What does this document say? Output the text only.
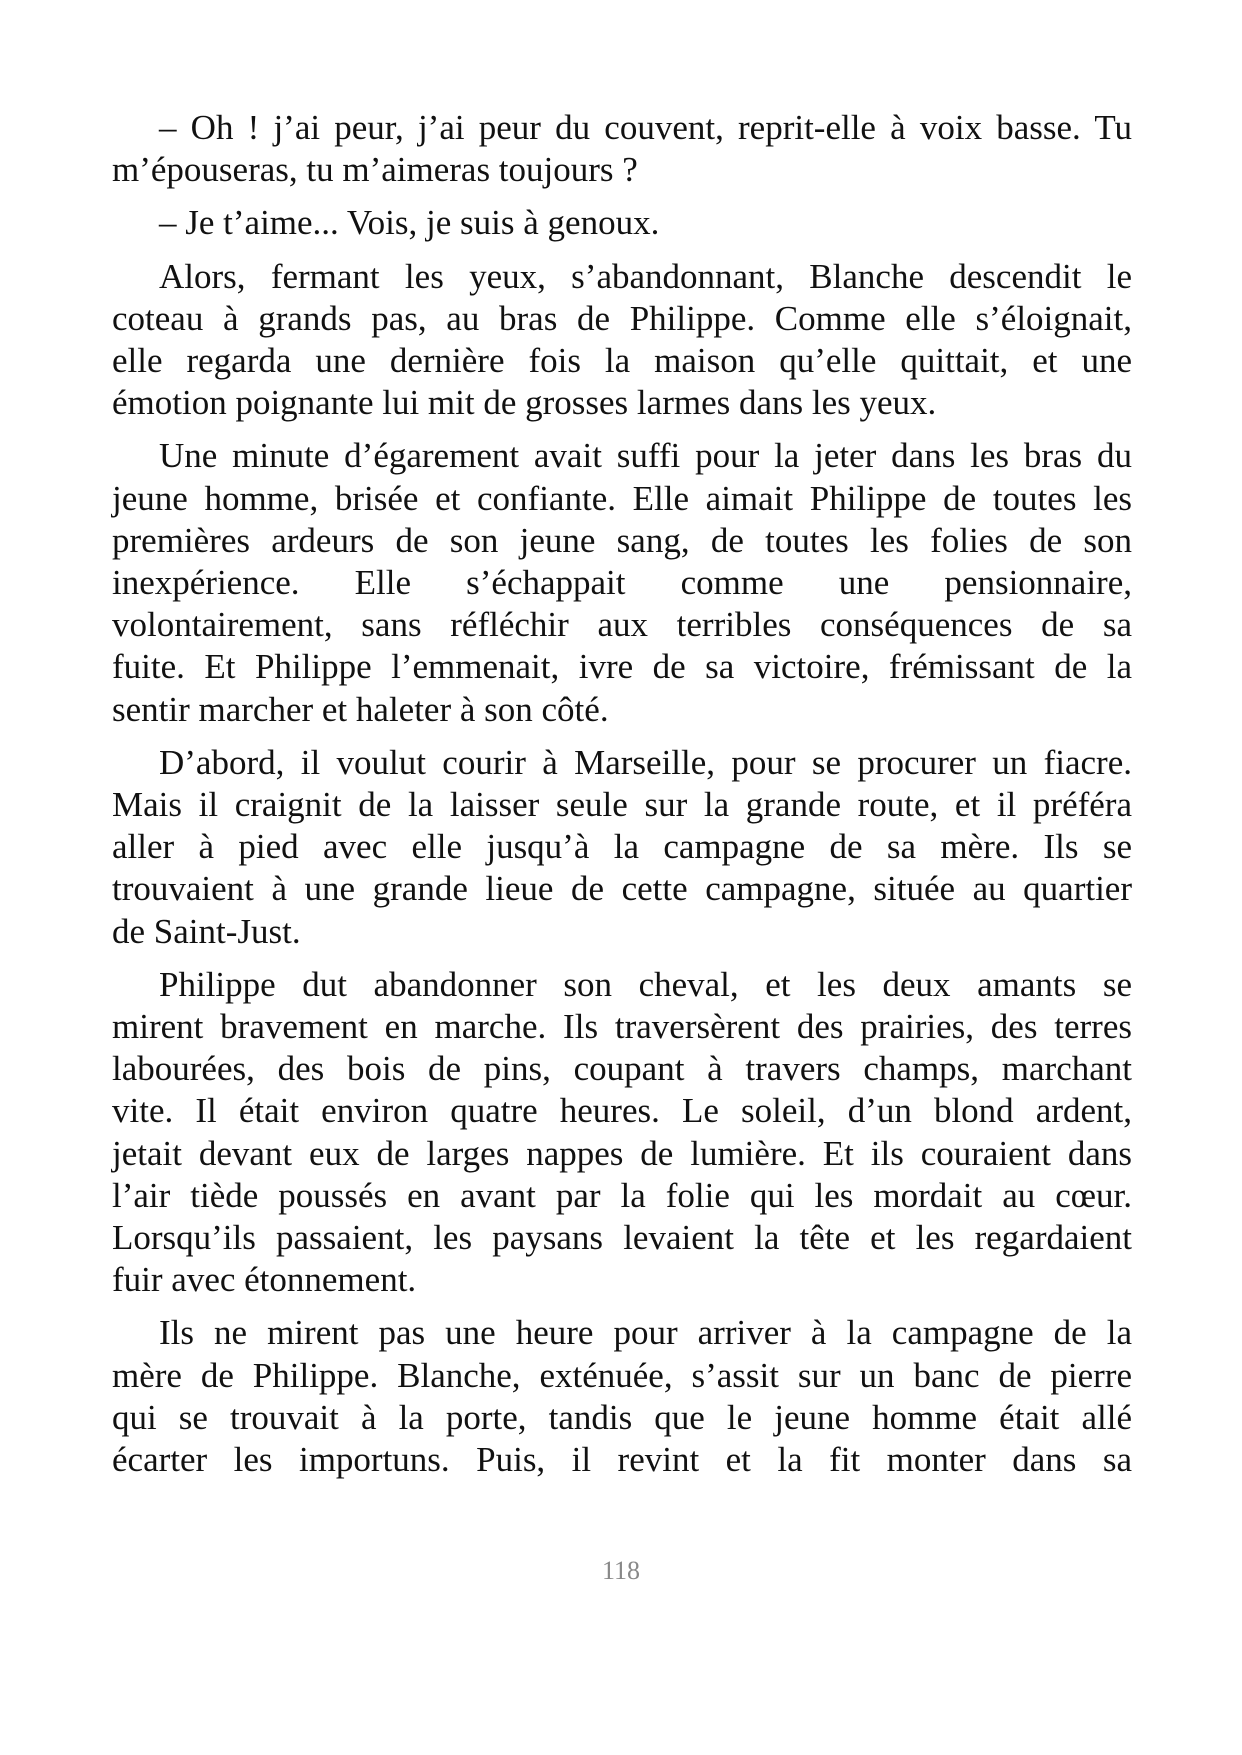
– Oh ! j’ai peur, j’ai peur du couvent, reprit-elle à voix basse. Tu
m’épouseras, tu m’aimeras toujours ?

– Je t’aime... Vois, je suis à genoux.

Alors, fermant les yeux, s’abandonnant, Blanche descendit le
coteau à grands pas, au bras de Philippe. Comme elle s’éloignait,
elle regarda une dernière fois la maison qu’elle quittait, et une
émotion poignante lui mit de grosses larmes dans les yeux.

Une minute d’égarement avait suffi pour la jeter dans les bras du
jeune homme, brisée et confiante. Elle aimait Philippe de toutes les
premières ardeurs de son jeune sang, de toutes les folies de son
inexpérience. Elle s’échappait comme une pensionnaire,
volontairement, sans réfléchir aux terribles conséquences de sa
fuite. Et Philippe l’emmenait, ivre de sa victoire, frémissant de la
sentir marcher et haleter à son côté.

D’abord, il voulut courir à Marseille, pour se procurer un fiacre.
Mais il craignit de la laisser seule sur la grande route, et il préféra
aller à pied avec elle jusqu’à la campagne de sa mère. Ils se
trouvaient à une grande lieue de cette campagne, située au quartier
de Saint-Just.

Philippe dut abandonner son cheval, et les deux amants se
mirent bravement en marche. Ils traversèrent des prairies, des terres
labourées, des bois de pins, coupant à travers champs, marchant
vite. Il était environ quatre heures. Le soleil, d’un blond ardent,
jetait devant eux de larges nappes de lumière. Et ils couraient dans
l’air tiède poussés en avant par la folie qui les mordait au cœur.
Lorsqu’ils passaient, les paysans levaient la tête et les regardaient
fuir avec étonnement.

Ils ne mirent pas une heure pour arriver à la campagne de la
mère de Philippe. Blanche, exténuée, s’assit sur un banc de pierre
qui se trouvait à la porte, tandis que le jeune homme était allé
écarter les importuns. Puis, il revint et la fit monter dans sa

118
